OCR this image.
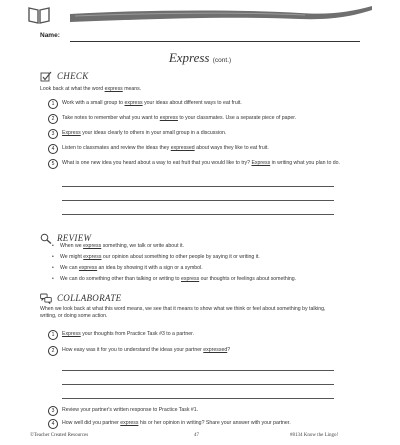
Name:
Express (cont.)
CHECK
Look back at what the word express means.
1	Work with a small group to express your ideas about different ways to eat fruit.
2	Take notes to remember what you want to express to your classmates. Use a separate piece of paper.
3	Express your ideas clearly to others in your small group in a discussion.
4	Listen to classmates and review the ideas they expressed about ways they like to eat fruit.
5	What is one new idea you heard about a way to eat fruit that you would like to try? Express in writing what you plan to do.
REVIEW
• When we express something, we talk or write about it.
• We might express our opinion about something to other people by saying it or writing it.
• We can express an idea by showing it with a sign or a symbol.
• We can do something other than talking or writing to express our thoughts or feelings about something.
COLLABORATE
When we look back at what this word means, we see that it means to show what we think or feel about something by talking, writing, or doing some action.
1	Express your thoughts from Practice Task #3 to a partner.
2	How easy was it for you to understand the ideas your partner expressed?
3	Review your partner's written response to Practice Task #1.
4	How well did you partner express his or her opinion in writing? Share your answer with your partner.
©Teacher Created Resources	47	#8134 Know the Lingo!
